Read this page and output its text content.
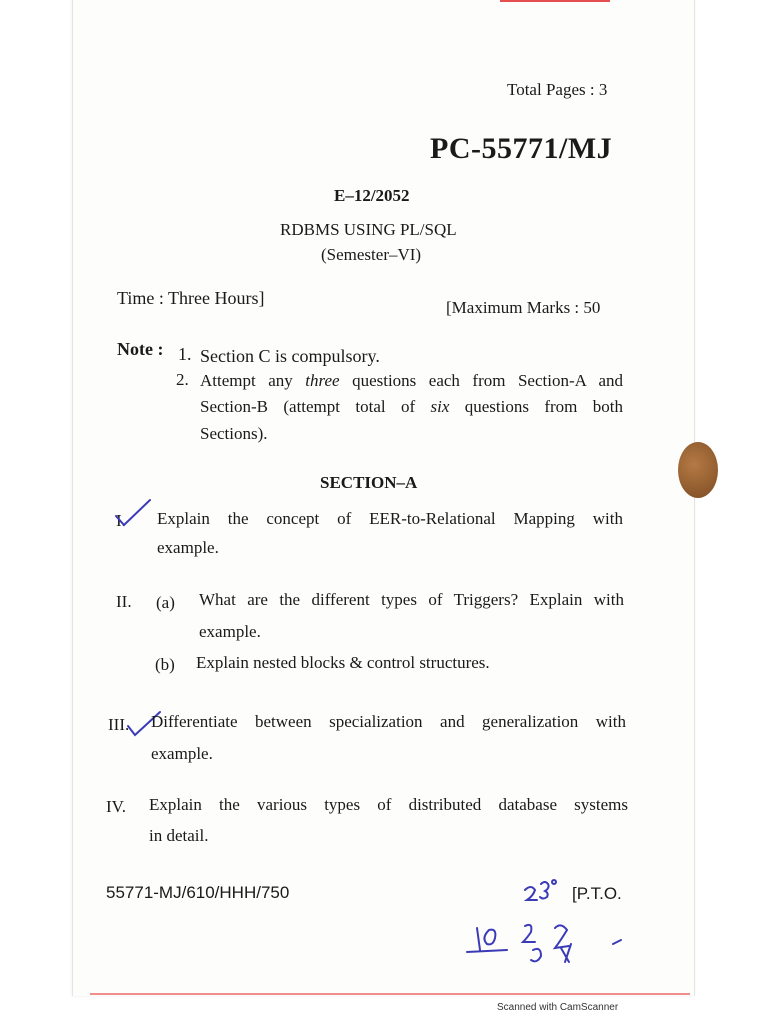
Total Pages : 3
PC-55771/MJ
E–12/2052
RDBMS USING PL/SQL
(Semester–VI)
Time : Three Hours]	[Maximum Marks : 50
Note : 1. Section C is compulsory.
2. Attempt any three questions each from Section-A and
Section-B (attempt total of six questions from both
Sections).
SECTION–A
I. Explain the concept of EER-to-Relational Mapping with
example.
II. (a) What are the different types of Triggers? Explain with
example.
(b) Explain nested blocks & control structures.
III. Differentiate between specialization and generalization with
example.
IV. Explain the various types of distributed database systems
in detail.
55771-MJ/610/HHH/750	[P.T.O.
Scanned with CamScanner
